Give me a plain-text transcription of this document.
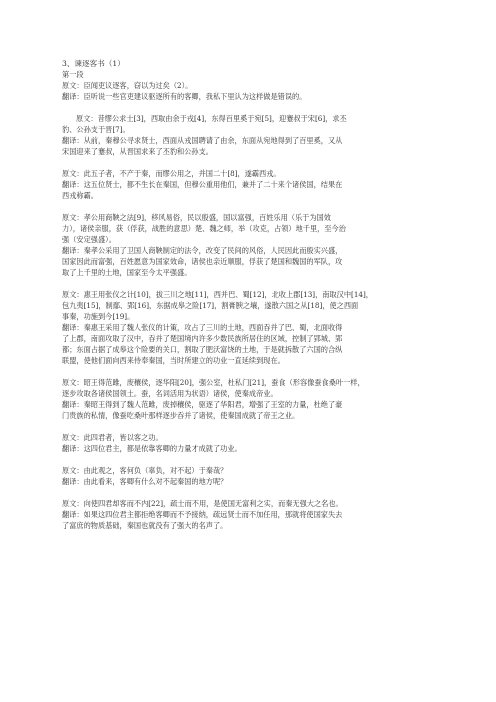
3、谏逐客书（1）
第一段
原文：臣闻吏议逐客，窃以为过矣（2）。
翻译：臣听说一些官吏建议驱逐所有的客卿，我私下里认为这样做是错误的。
原文：昔缪公求士[3]，西取由余于戎[4]，东得百里奚于宛[5]，迎蹇叔于宋[6]，求丕
豹、公孙支于晋[7]。
翻译：从前，秦穆公寻求贤士，西面从戎国聘请了由余，东面从宛地得到了百里奚，又从
宋国迎来了蹇叔，从晋国求来了丕豹和公孙支。
原文：此五子者，不产于秦，而缪公用之，并国二十[8]，遂霸西戎。
翻译：这五位贤士，都不生长在秦国，但穆公重用他们，兼并了二十来个诸侯国，结果在
西戎称霸。
原文：孝公用商鞅之法[9]，移风易俗，民以殷盛，国以富强，百姓乐用（乐于为国效
力），诸侯亲服，获（俘获，战胜的意思）楚、魏之师，举（攻克，占领）地千里，至今治
强（安定强盛）。
翻译：秦孝公采用了卫国人商鞅制定的法令，改变了民间的风俗，人民因此而殷实兴盛，
国家因此而富强，百姓愿意为国家效命，诸侯也亲近顺服，俘获了楚国和魏国的军队，攻
取了上千里的土地，国家至今太平强盛。
原文：惠王用张仪之计[10]，拔三川之地[11]，西并巴、蜀[12]，北收上郡[13]，南取汉中[14]，
包九夷[15]，制鄢、郢[16]，东据成皋之险[17]，割膏腴之壤，遂散六国之从[18]，使之西面
事秦，功施到今[19]。
翻译：秦惠王采用了魏人张仪的计策，攻占了三川的土地，西面吞并了巴、蜀，北面收得
了上郡，南面攻取了汉中，吞并了楚国境内许多少数民族所居住的区域，控制了郢城、郢
都；东面占据了成皋这个险要的关口，割取了肥沃富饶的土地，于是就拆散了六国的合纵
联盟，使他们面向西来侍奉秦国，当时所建立的功业一直延续到现在。
原文：昭王得范雎，废穰侯，逐华阳[20]，强公室，杜私门[21]，蚕食（形容像蚕食桑叶一样，
逐步攻取各诸侯国领土。蚕，名词活用为状语）诸侯，使秦成帝业。
翻译：秦昭王得到了魏人范雎，废掉穰侯，驱逐了华阳君，增强了王室的力量，杜绝了豪
门贵族的私情，像蚕吃桑叶那样逐步吞并了诸侯，使秦国成就了帝王之业。
原文：此四君者，皆以客之功。
翻译：这四位君主，都是依靠客卿的力量才成就了功业。
原文：由此观之，客何负（辜负，对不起）于秦哉？
翻译：由此看来，客卿有什么对不起秦国的地方呢？
原文：向使四君却客而不内[22]，疏士而不用，是使国无富利之实，而秦无强大之名也。
翻译：如果这四位君主都拒绝客卿而不予接纳，疏远贤士而不加任用，那就将使国家失去
了富庶的物质基础，秦国也就没有了强大的名声了。
